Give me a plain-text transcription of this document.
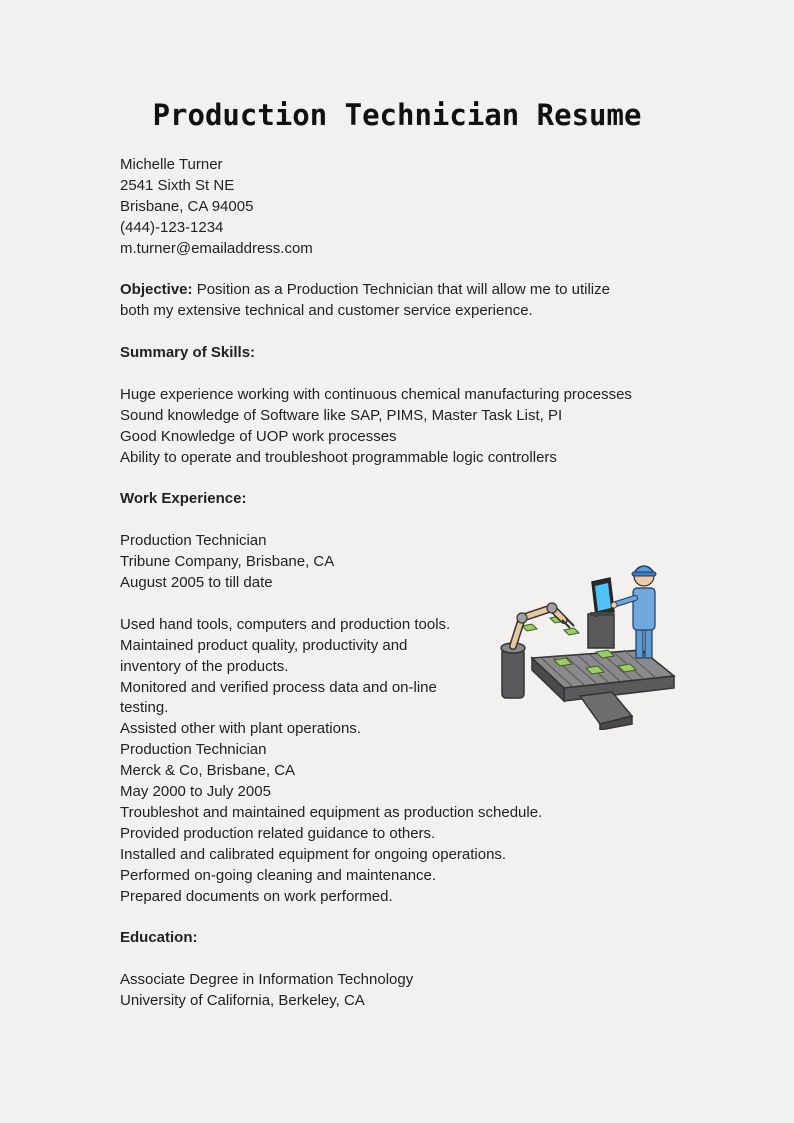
Production Technician Resume
Michelle Turner
2541 Sixth St NE
Brisbane, CA 94005
(444)-123-1234
m.turner@emailaddress.com
Objective: Position as a Production Technician that will allow me to utilize
both my extensive technical and customer service experience.
Summary of Skills:
Huge experience working with continuous chemical manufacturing processes
Sound knowledge of Software like SAP, PIMS, Master Task List, PI
Good Knowledge of UOP work processes
Ability to operate and troubleshoot programmable logic controllers
Work Experience:
Production Technician
Tribune Company, Brisbane, CA
August 2005 to till date
Used hand tools, computers and production tools.
Maintained product quality, productivity and
inventory of the products.
Monitored and verified process data and on-line
testing.
Assisted other with plant operations.
Production Technician
Merck & Co, Brisbane, CA
May 2000 to July 2005
Troubleshot and maintained equipment as production schedule.
Provided production related guidance to others.
Installed and calibrated equipment for ongoing operations.
Performed on-going cleaning and maintenance.
Prepared documents on work performed.
Education:
Associate Degree in Information Technology
University of California, Berkeley, CA
